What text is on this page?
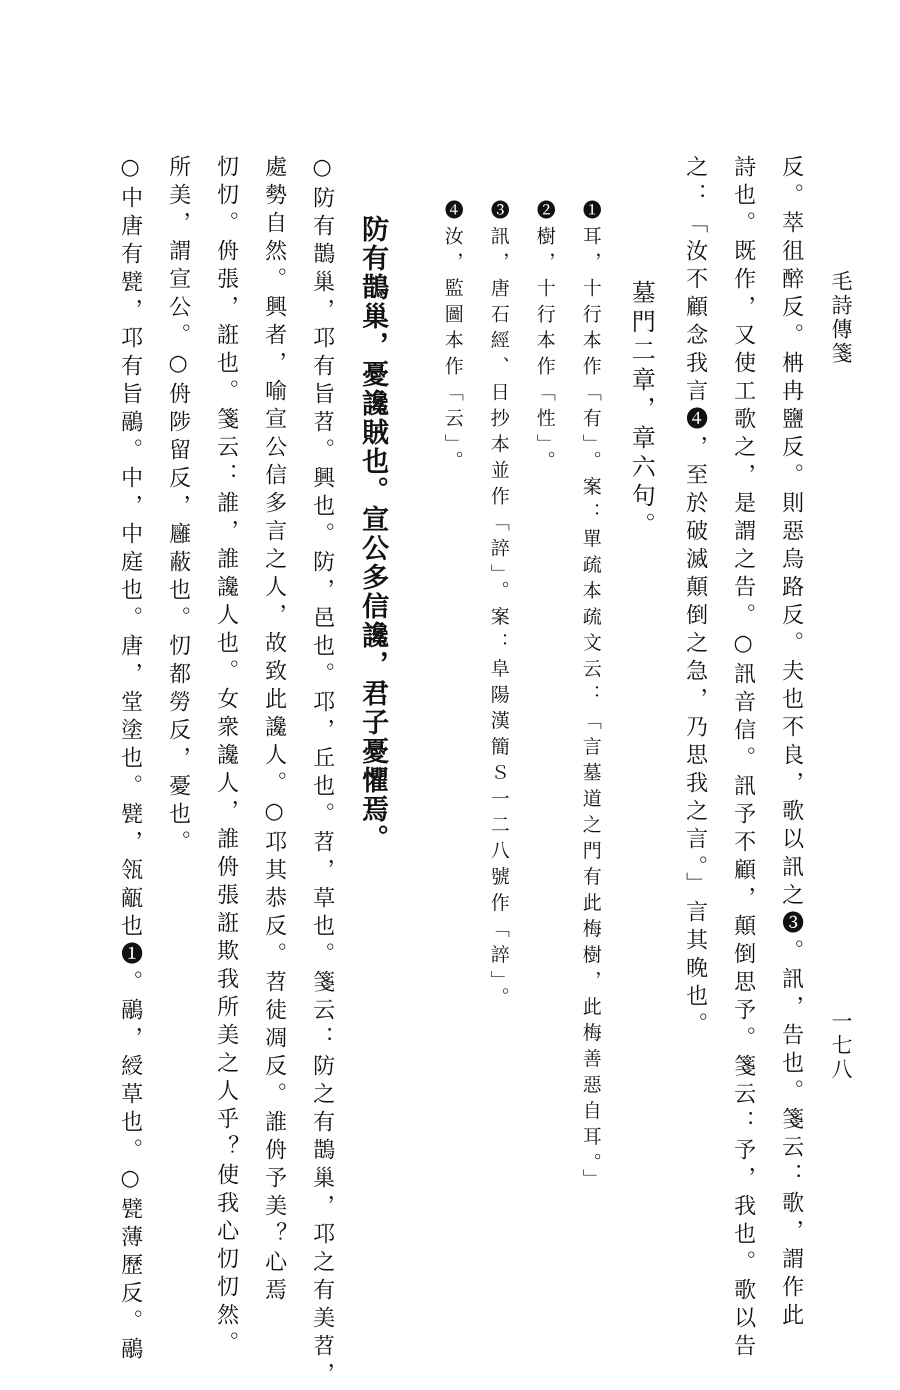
毛詩傳箋
一七八
反。萃徂醉反。柟冉鹽反。則惡烏路反。夫也不良，歌以訊之❸。訊，告也。箋云：歌，謂作此
詩也。既作，又使工歌之，是謂之告。○訊音信。訊予不顧，顛倒思予。箋云：予，我也。歌以告
之：「汝不顧念我言❹，至於破滅顛倒之急，乃思我之言。」言其晚也。
墓門二章，章六句。
❶耳，十行本作「有」。案：單疏本疏文云：「言墓道之門有此梅樹，此梅善惡自耳。」
❷樹，十行本作「性」。
❸訊，唐石經、日抄本並作「誶」。案：阜陽漢簡Ｓ一二八號作「誶」。
❹汝，監圖本作「云」。
防有鵲巢，憂讒賊也。宣公多信讒，君子憂懼焉。
○防有鵲巢，邛有旨苕。興也。防，邑也。邛，丘也。苕，草也。箋云：防之有鵲巢，邛之有美苕，
處勢自然。興者，喻宣公信多言之人，故致此讒人。○邛其恭反。苕徒凋反。誰侜予美？心焉
忉忉。侜張，誑也。箋云：誰，誰讒人也。女衆讒人，誰侜張誑欺我所美之人乎？使我心忉忉然。
所美，謂宣公。○侜陟留反，廱蔽也。忉都勞反，憂也。
○中唐有甓，邛有旨鷊。中，中庭也。唐，堂塗也。甓，瓴甋也❶。鷊，綬草也。○甓薄歷反。鷊
